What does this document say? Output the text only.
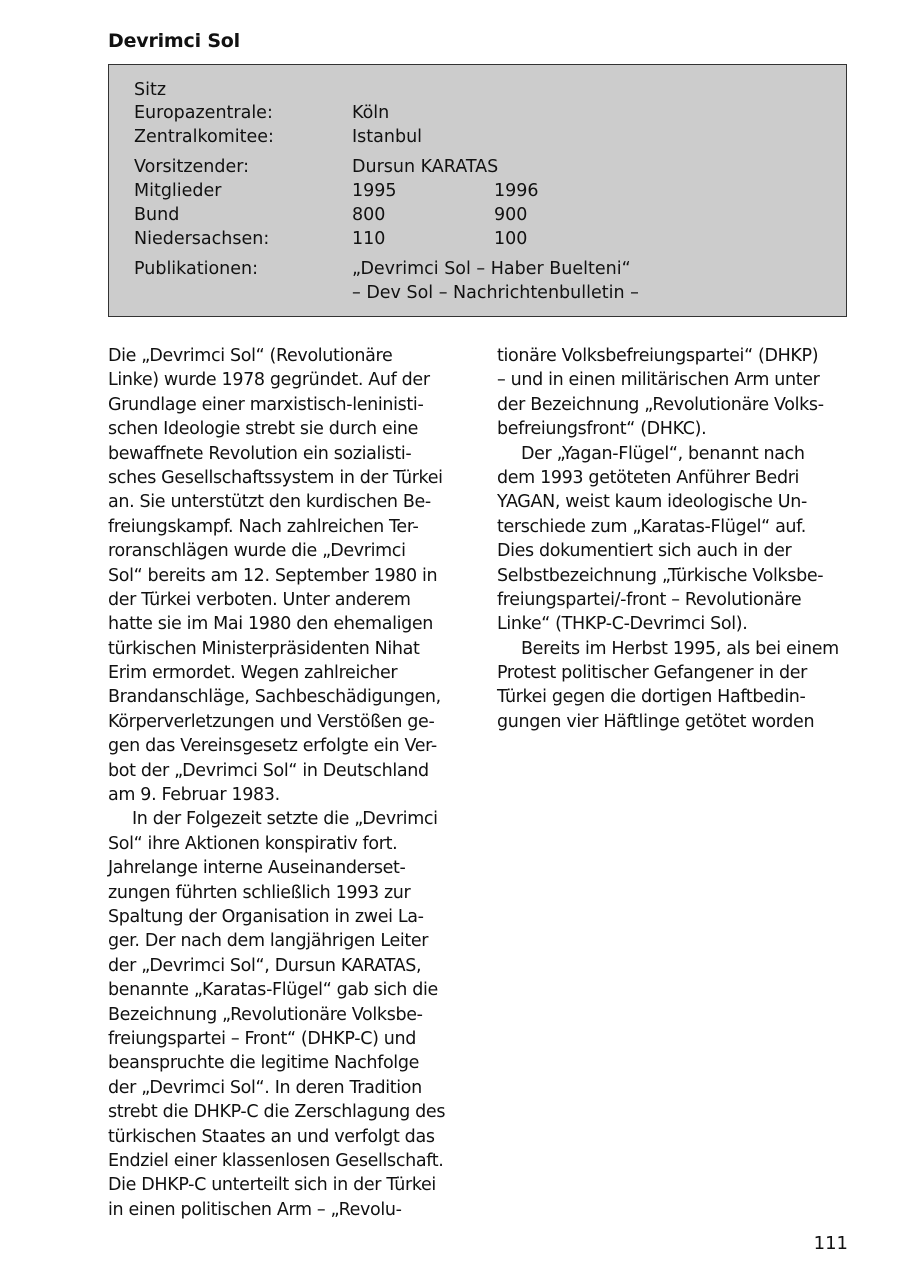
Devrimci Sol
Sitz
Europazentrale:	Köln
Zentralkomitee:	Istanbul
Vorsitzender:	Dursun KARATAS
Mitglieder	1995	1996
Bund	800	900
Niedersachsen:	110	100
Publikationen:	„Devrimci Sol – Haber Buelteni“
– Dev Sol – Nachrichtenbulletin –
Die „Devrimci Sol“ (Revolutionäre
Linke) wurde 1978 gegründet. Auf der
Grundlage einer marxistisch-leninisti-
schen Ideologie strebt sie durch eine
bewaffnete Revolution ein sozialisti-
sches Gesellschaftssystem in der Türkei
an. Sie unterstützt den kurdischen Be-
freiungskampf. Nach zahlreichen Ter-
roranschlägen wurde die „Devrimci
Sol“ bereits am 12. September 1980 in
der Türkei verboten. Unter anderem
hatte sie im Mai 1980 den ehemaligen
türkischen Ministerpräsidenten Nihat
Erim ermordet. Wegen zahlreicher
Brandanschläge, Sachbeschädigungen,
Körperverletzungen und Verstößen ge-
gen das Vereinsgesetz erfolgte ein Ver-
bot der „Devrimci Sol“ in Deutschland
am 9. Februar 1983.
In der Folgezeit setzte die „Devrimci
Sol“ ihre Aktionen konspirativ fort.
Jahrelange interne Auseinanderset-
zungen führten schließlich 1993 zur
Spaltung der Organisation in zwei La-
ger. Der nach dem langjährigen Leiter
der „Devrimci Sol“, Dursun KARATAS,
benannte „Karatas-Flügel“ gab sich die
Bezeichnung „Revolutionäre Volksbe-
freiungspartei – Front“ (DHKP-C) und
beanspruchte die legitime Nachfolge
der „Devrimci Sol“. In deren Tradition
strebt die DHKP-C die Zerschlagung des
türkischen Staates an und verfolgt das
Endziel einer klassenlosen Gesellschaft.
Die DHKP-C unterteilt sich in der Türkei
in einen politischen Arm – „Revolu-
tionäre Volksbefreiungspartei“ (DHKP)
– und in einen militärischen Arm unter
der Bezeichnung „Revolutionäre Volks-
befreiungsfront“ (DHKC).
Der „Yagan-Flügel“, benannt nach
dem 1993 getöteten Anführer Bedri
YAGAN, weist kaum ideologische Un-
terschiede zum „Karatas-Flügel“ auf.
Dies dokumentiert sich auch in der
Selbstbezeichnung „Türkische Volksbe-
freiungspartei/-front – Revolutionäre
Linke“ (THKP-C-Devrimci Sol).
Bereits im Herbst 1995, als bei einem
Protest politischer Gefangener in der
Türkei gegen die dortigen Haftbedin-
gungen vier Häftlinge getötet worden
111
